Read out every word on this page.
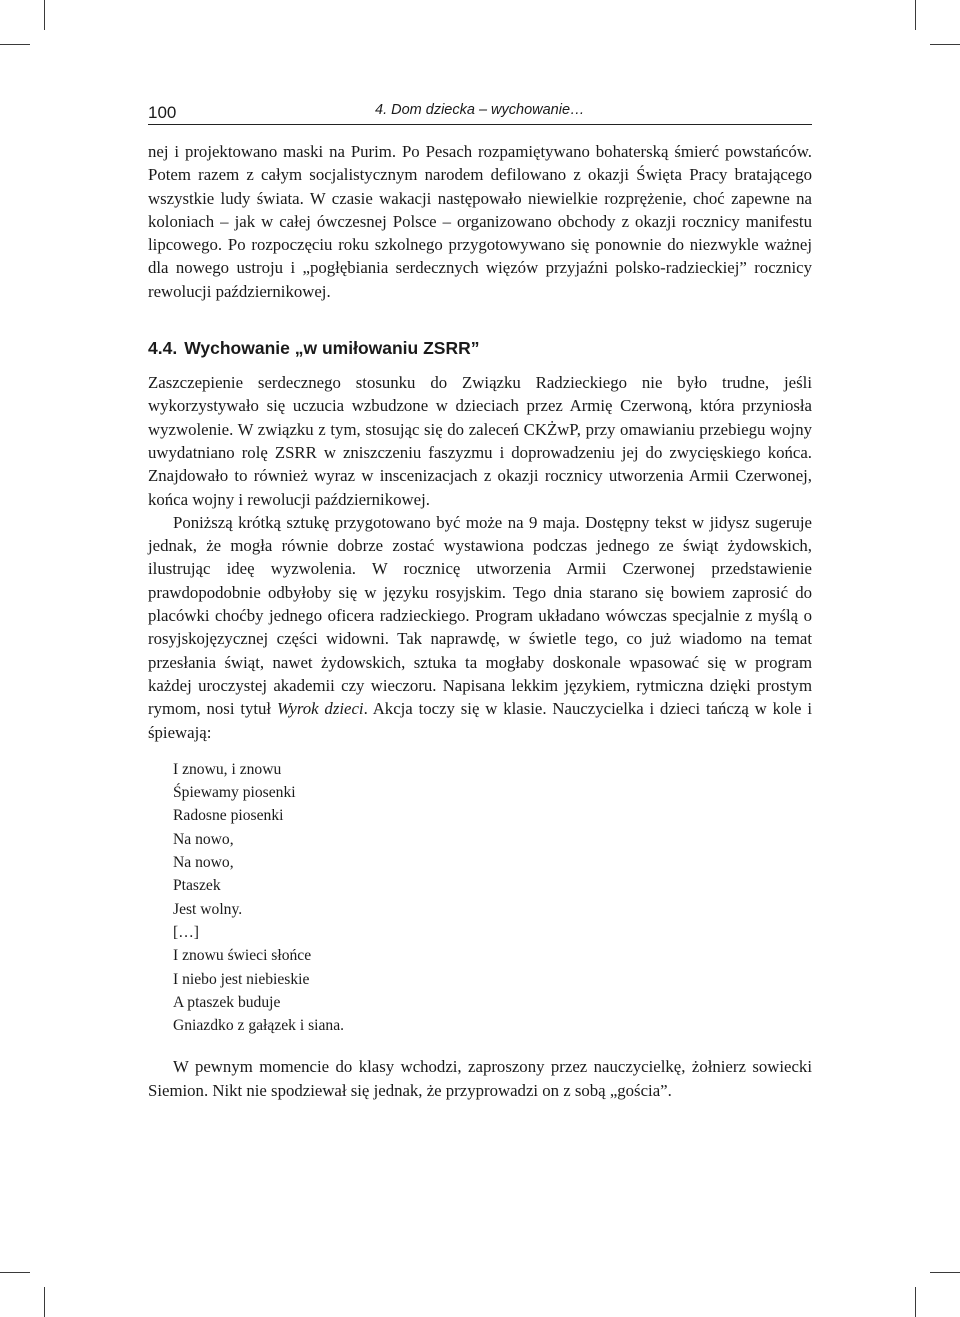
100	4. Dom dziecka – wychowanie…

nej i projektowano maski na Purim. Po Pesach rozpamiętywano bohaterską śmierć powstańców. Potem razem z całym socjalistycznym narodem defilowano z okazji Święta Pracy bratającego wszystkie ludy świata. W czasie wakacji następowało niewielkie rozprężenie, choć zapewne na koloniach – jak w całej ówczesnej Polsce – organizowano obchody z okazji rocznicy manifestu lipcowego. Po rozpoczęciu roku szkolnego przygotowywano się ponownie do niezwykle ważnej dla nowego ustroju i „pogłębiania serdecznych więzów przyjaźni polsko-radzieckiej” rocznicy rewolucji październikowej.

4.4. Wychowanie „w umiłowaniu ZSRR”

Zaszczepienie serdecznego stosunku do Związku Radzieckiego nie było trudne, jeśli wykorzystywało się uczucia wzbudzone w dzieciach przez Armię Czerwoną, która przyniosła wyzwolenie. W związku z tym, stosując się do zaleceń CKŻwP, przy omawianiu przebiegu wojny uwydatniano rolę ZSRR w zniszczeniu faszyzmu i doprowadzeniu jej do zwycięskiego końca. Znajdowało to również wyraz w inscenizacjach z okazji rocznicy utworzenia Armii Czerwonej, końca wojny i rewolucji październikowej.

Poniższą krótką sztukę przygotowano być może na 9 maja. Dostępny tekst w jidysz sugeruje jednak, że mogła równie dobrze zostać wystawiona podczas jednego ze świąt żydowskich, ilustrując ideę wyzwolenia. W rocznicę utworzenia Armii Czerwonej przedstawienie prawdopodobnie odbyłoby się w języku rosyjskim. Tego dnia starano się bowiem zaprosić do placówki choćby jednego oficera radzieckiego. Program układano wówczas specjalnie z myślą o rosyjskojęzycznej części widowni. Tak naprawdę, w świetle tego, co już wiadomo na temat przesłania świąt, nawet żydowskich, sztuka ta mogłaby doskonale wpasować się w program każdej uroczystej akademii czy wieczoru. Napisana lekkim językiem, rytmiczna dzięki prostym rymom, nosi tytuł Wyrok dzieci. Akcja toczy się w klasie. Nauczycielka i dzieci tańczą w kole i śpiewają:

I znowu, i znowu
Śpiewamy piosenki
Radosne piosenki
Na nowo,
Na nowo,
Ptaszek
Jest wolny.
[…]
I znowu świeci słońce
I niebo jest niebieskie
A ptaszek buduje
Gniazdko z gałązek i siana.

W pewnym momencie do klasy wchodzi, zaproszony przez nauczycielkę, żołnierz sowiecki Siemion. Nikt nie spodziewał się jednak, że przyprowadzi on z sobą „gościa”.
